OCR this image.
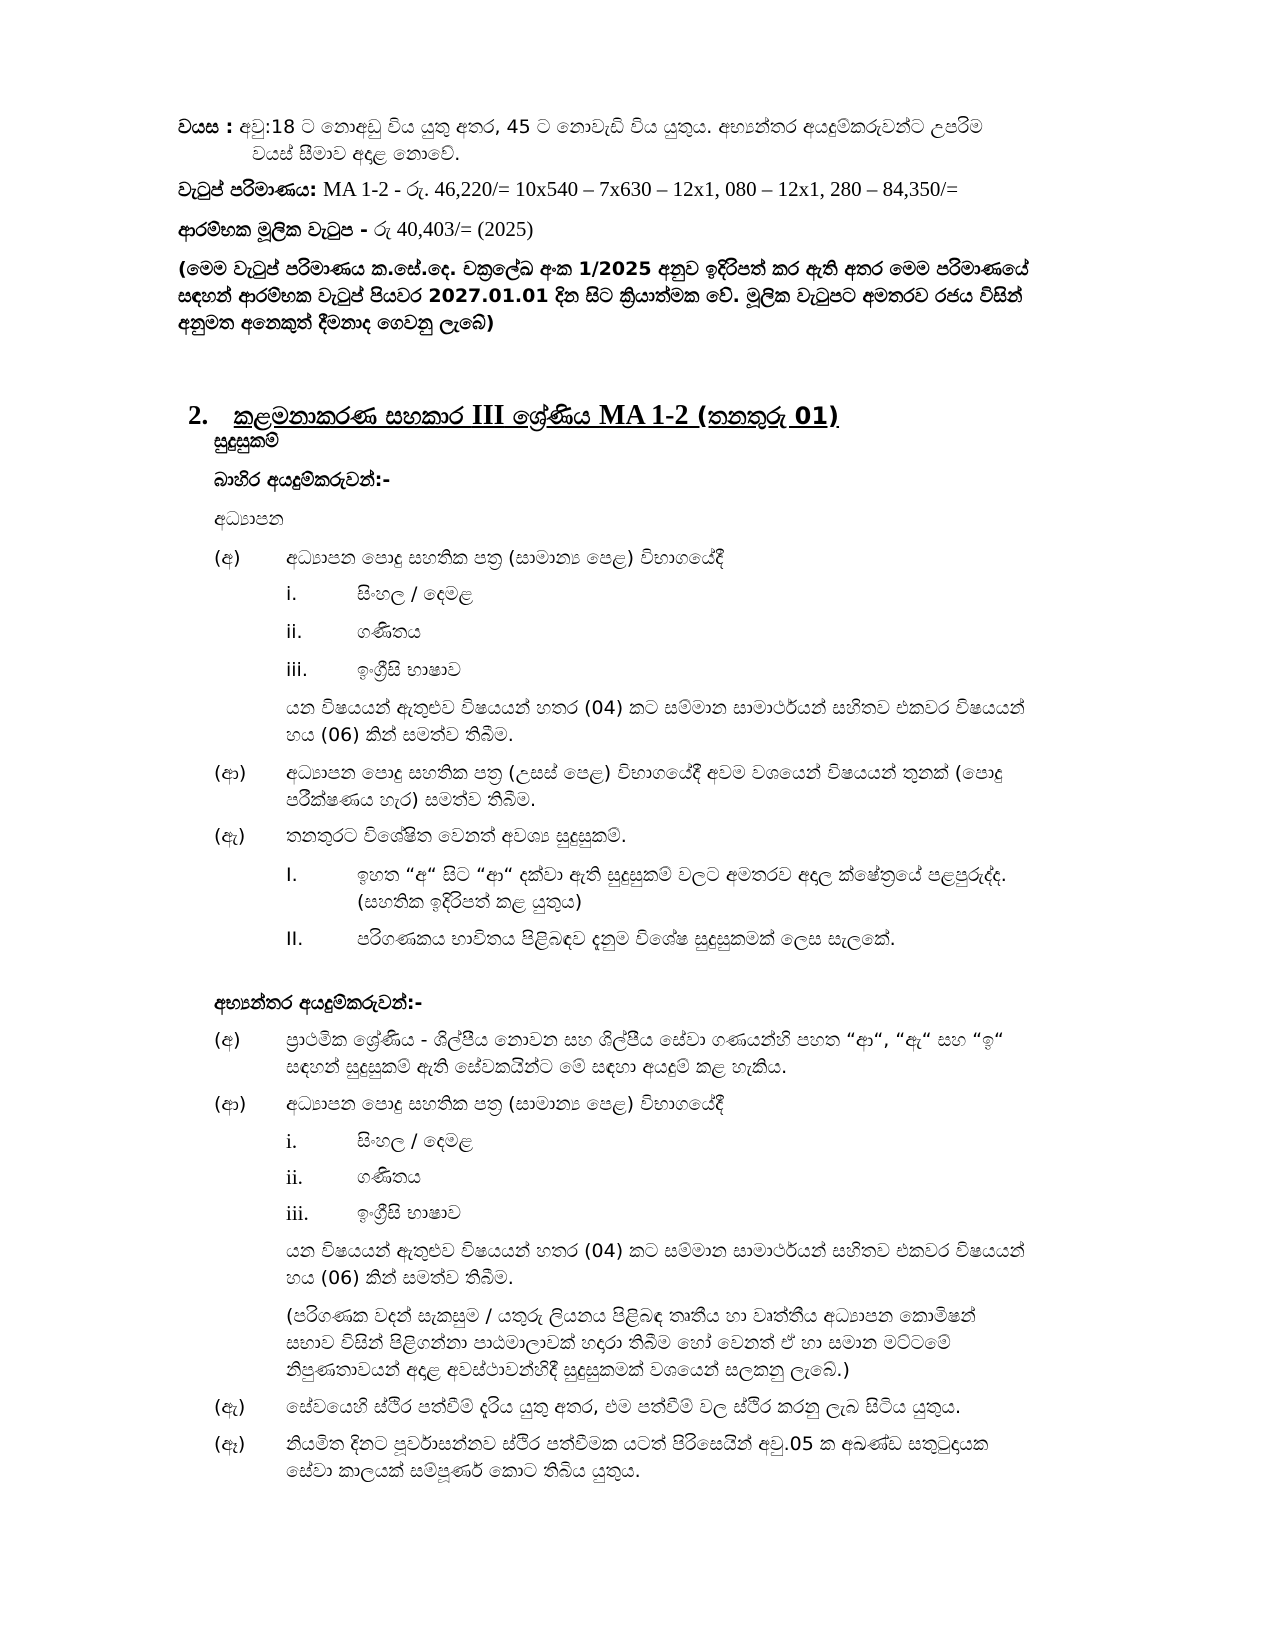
වයස : අවු:18 ට නොඅඩු විය යුතු අතර, 45 ට නොවැඩි විය යුතුය. අභ්‍යන්තර අයදුම්කරුවන්ට උපරිම
වයස් සීමාව අදාළ නොවේ.
වැටුප් පරිමාණය: MA 1-2 - රු. 46,220/= 10x540 – 7x630 – 12x1, 080 – 12x1, 280 – 84,350/=
ආරම්භක මූලික වැටුප - රු 40,403/= (2025)
(මෙම වැටුප් පරිමාණය ක.සේ.දෙ. චක්‍රලේඛ අංක 1/2025 අනුව ඉදිරිපත් කර ඇති අතර මෙම පරිමාණයේ
සඳහන් ආරම්භක වැටුප් පියවර 2027.01.01 දින සිට ක්‍රියාත්මක වේ. මූලික වැටුපට අමතරව රජය විසින්
අනුමත අනෙකුත් දීමනාද ගෙවනු ලැබේ)
2. කළමනාකරණ සහකාර III ශ්‍රේණිය MA 1-2 (තනතුරු 01)
සුදුසුකම්
බාහිර අයදුම්කරුවන්:-
අධ්‍යාපන
(අ) අධ්‍යාපන පොදු සහතික පත්‍ර (සාමාන්‍ය පෙළ) විභාගයේදී
i.	සිංහල / දෙමළ
ii.	ගණිතය
iii.	ඉංග්‍රීසි භාෂාව
යන විෂයයන් ඇතුළුව විෂයයන් හතර (04) කට සම්මාන සාමාර්ථයන් සහිතව එකවර විෂයයන්
හය (06) කින් සමත්ව තිබීම.
(ආ) අධ්‍යාපන පොදු සහතික පත්‍ර (උසස් පෙළ) විභාගයේදී අවම වශයෙන් විෂයයන් තුනක් (පොදු
පරීක්ෂණය හැර) සමත්ව තිබීම.
(ඇ) තනතුරට විශේෂිත වෙනත් අවශ්‍ය සුදුසුකම්.
I.	ඉහත “අ“ සිට “ආ“ දක්වා ඇති සුදුසුකම් වලට අමතරව අදාල ක්ෂේත්‍රයේ පළපුරුද්ද.
(සහතික ඉදිරිපත් කළ යුතුය)
II.	පරිගණකය භාවිතය පිළිබඳව දැනුම විශේෂ සුදුසුකමක් ලෙස සැලකේ.
අභ්‍යන්තර අයදුම්කරුවන්:-
(අ) ප්‍රාථමික ශ්‍රේණිය - ශිල්පීය නොවන සහ ශිල්පීය සේවා ගණයන්හි පහත “ආ“, “ඇ“ සහ “ඉ“
සඳහන් සුදුසුකම් ඇති සේවකයින්ට මේ සඳහා අයදුම් කළ හැකිය.
(ආ) අධ්‍යාපන පොදු සහතික පත්‍ර (සාමාන්‍ය පෙළ) විභාගයේදී
i.	සිංහල / දෙමළ
ii.	ගණිතය
iii.	ඉංග්‍රීසි භාෂාව
යන විෂයයන් ඇතුළුව විෂයයන් හතර (04) කට සම්මාන සාමාර්ථයන් සහිතව එකවර විෂයයන්
හය (06) කින් සමත්ව තිබීම.
(පරිගණක වදන් සැකසුම / යතුරු ලියනය පිළිබඳ තෘතීය හා වෘත්තීය අධ්‍යාපන කොමිෂන්
සභාව විසින් පිළිගන්නා පාඨමාලාවක් හදාරා තිබීම හෝ වෙනත් ඒ හා සමාන මට්ටමේ
නිපුණතාවයන් අදාළ අවස්ථාවන්හිදී සුදුසුකමක් වශයෙන් සලකනු ලැබේ.)
(ඇ) සේවයෙහි ස්ථිර පත්වීම් දැරිය යුතු අතර, එම පත්වීම් වල ස්ථිර කරනු ලැබ සිටිය යුතුය.
(ඈ) නියමිත දිනට පූර්වාසන්නව ස්ථිර පත්වීමක යටත් පිරිසෙයින් අවු.05 ක අඛණ්ඩ සතුටුදායක
සේවා කාලයක් සම්පූර්ණ කොට තිබිය යුතුය.
